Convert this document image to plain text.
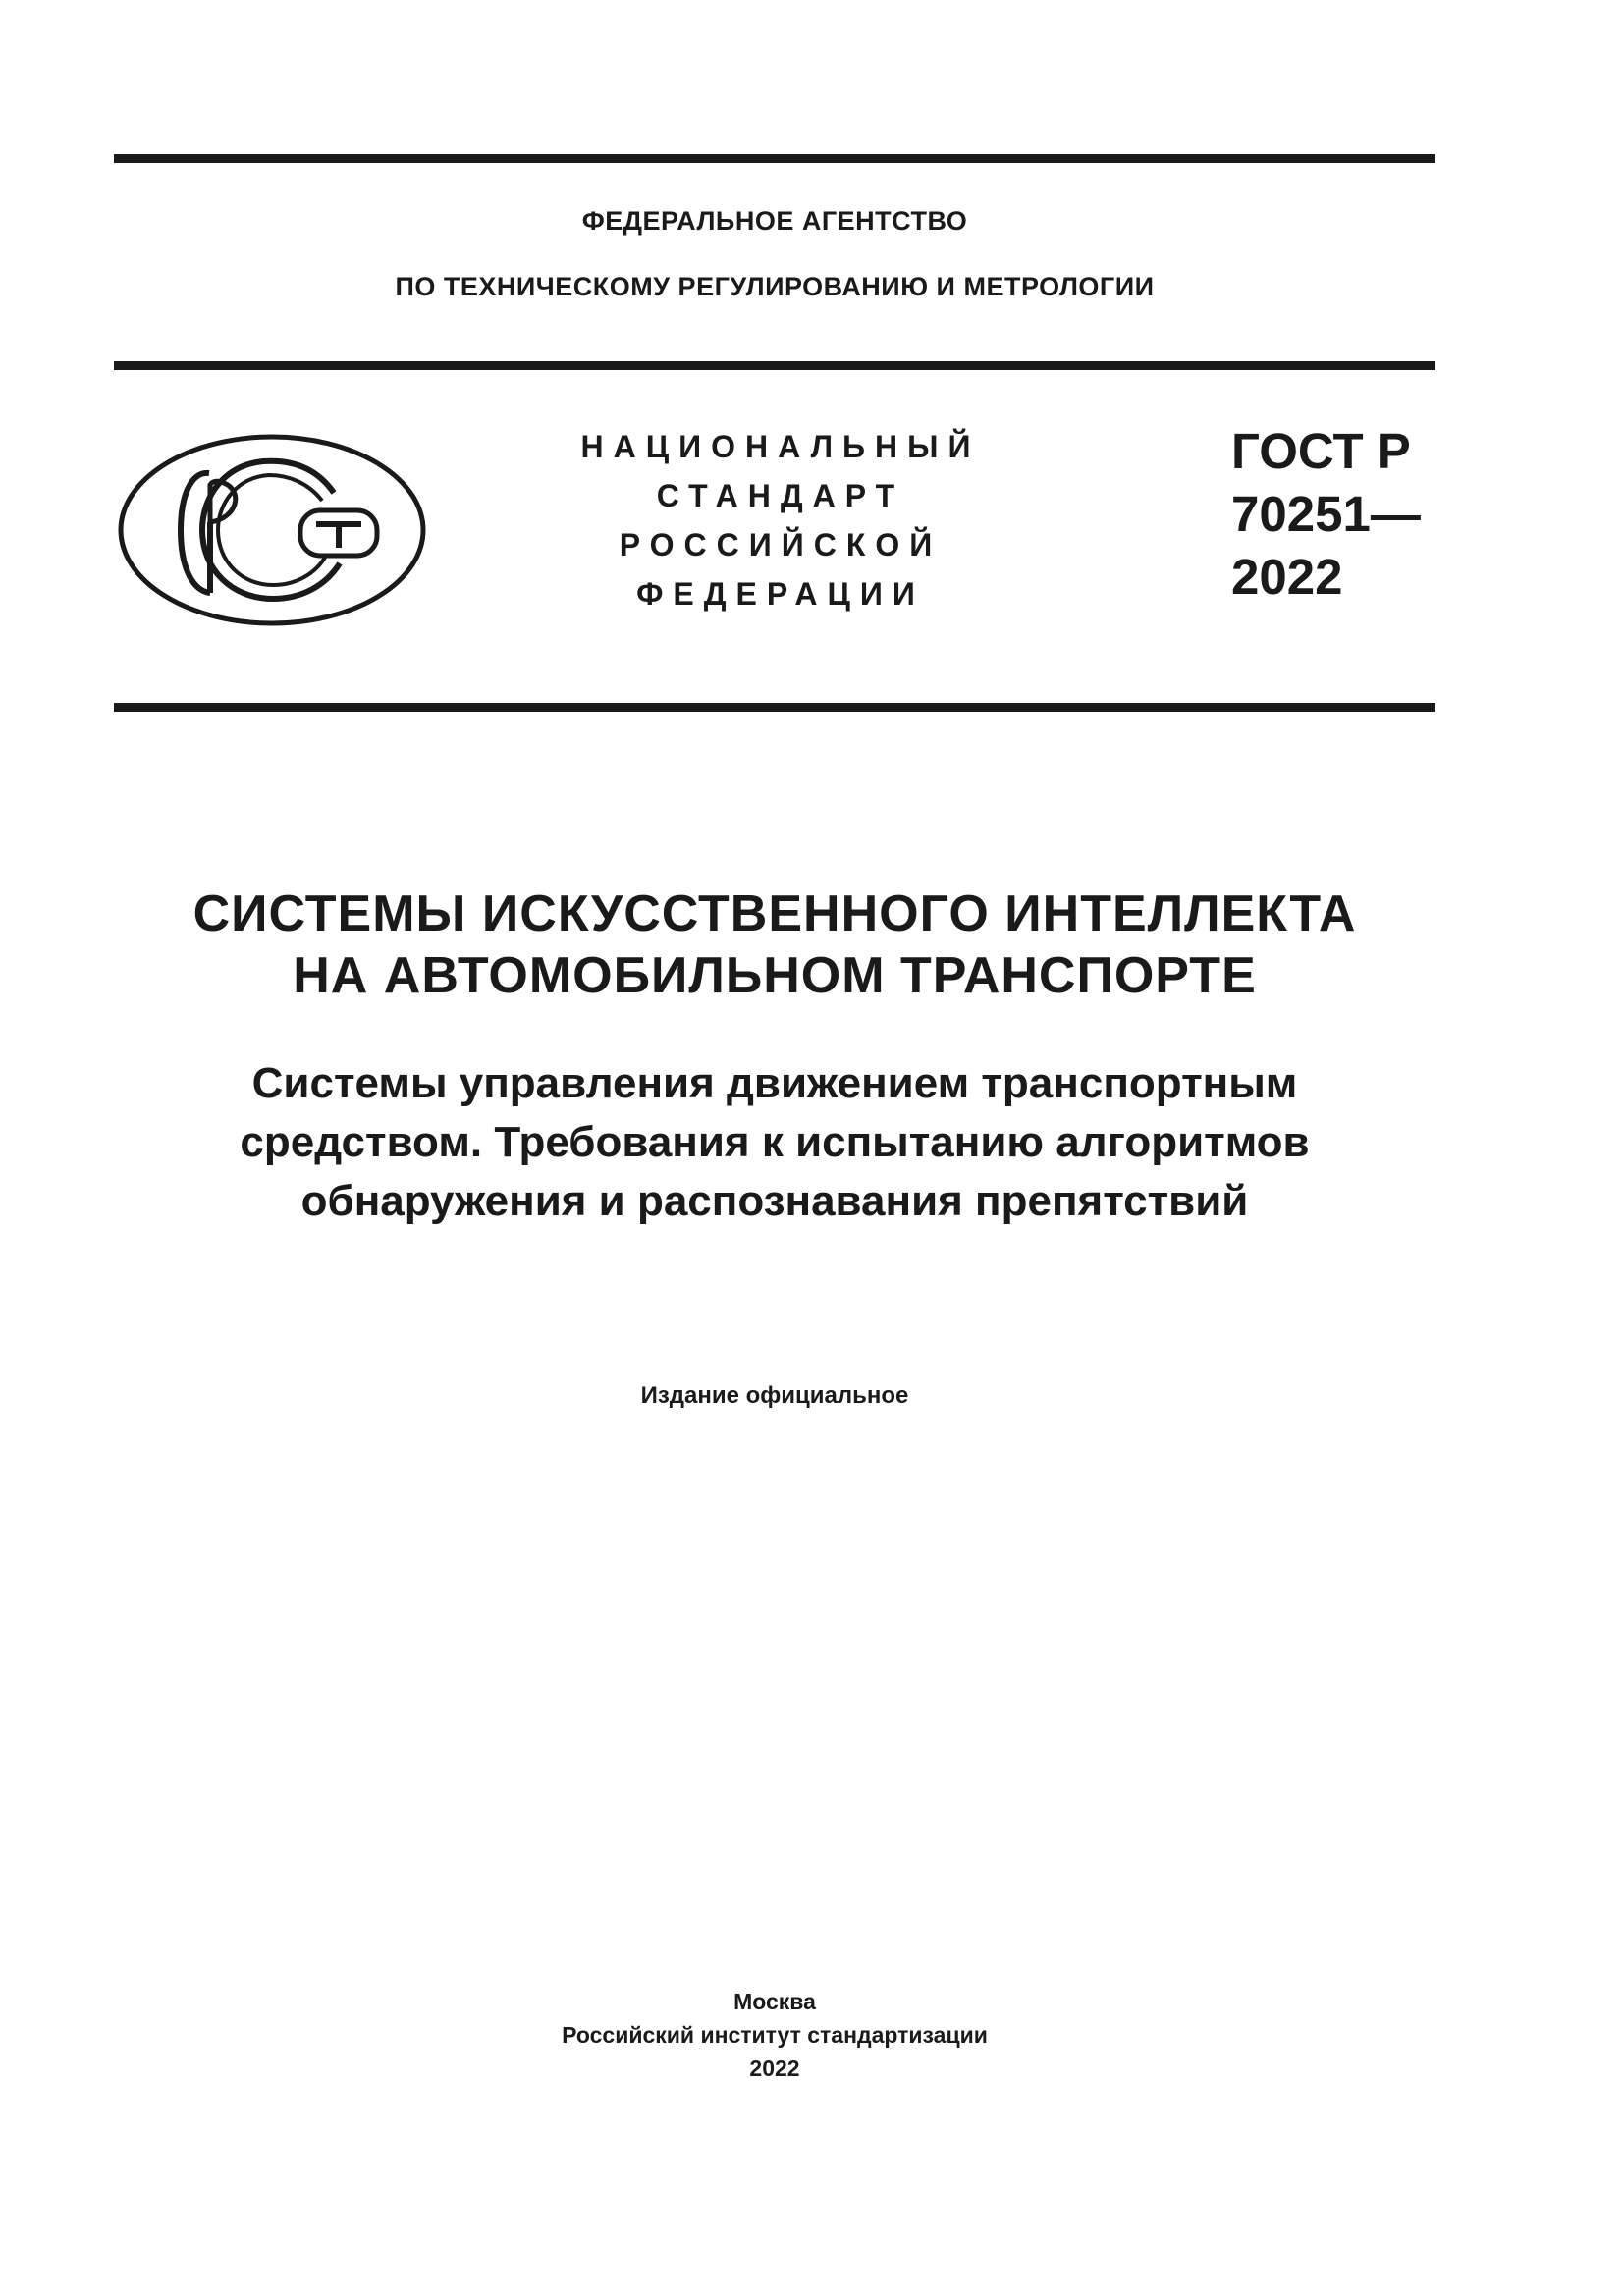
ФЕДЕРАЛЬНОЕ АГЕНТСТВО
ПО ТЕХНИЧЕСКОМУ РЕГУЛИРОВАНИЮ И МЕТРОЛОГИИ
НАЦИОНАЛЬНЫЙ
СТАНДАРТ
РОССИЙСКОЙ
ФЕДЕРАЦИИ
ГОСТ Р
70251—
2022
СИСТЕМЫ ИСКУССТВЕННОГО ИНТЕЛЛЕКТА
НА АВТОМОБИЛЬНОМ ТРАНСПОРТЕ
Системы управления движением транспортным
средством. Требования к испытанию алгоритмов
обнаружения и распознавания препятствий
Издание официальное
Москва
Российский институт стандартизации
2022
